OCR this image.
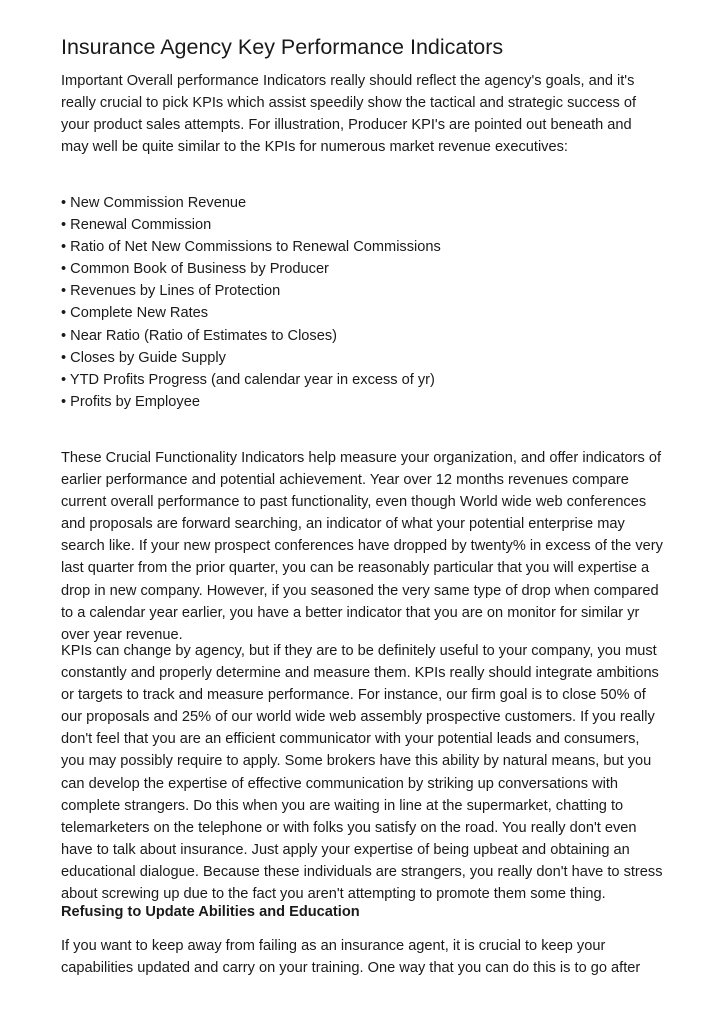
Insurance Agency Key Performance Indicators

Important Overall performance Indicators really should reflect the agency's goals, and it's
really crucial to pick KPIs which assist speedily show the tactical and strategic success of
your product sales attempts. For illustration, Producer KPI's are pointed out beneath and
may well be quite similar to the KPIs for numerous market revenue executives:

• New Commission Revenue
• Renewal Commission
• Ratio of Net New Commissions to Renewal Commissions
• Common Book of Business by Producer
• Revenues by Lines of Protection
• Complete New Rates
• Near Ratio (Ratio of Estimates to Closes)
• Closes by Guide Supply
• YTD Profits Progress (and calendar year in excess of yr)
• Profits by Employee

These Crucial Functionality Indicators help measure your organization, and offer indicators of
earlier performance and potential achievement. Year over 12 months revenues compare
current overall performance to past functionality, even though World wide web conferences
and proposals are forward searching, an indicator of what your potential enterprise may
search like. If your new prospect conferences have dropped by twenty% in excess of the very
last quarter from the prior quarter, you can be reasonably particular that you will expertise a
drop in new company. However, if you seasoned the very same type of drop when compared
to a calendar year earlier, you have a better indicator that you are on monitor for similar yr
over year revenue.

KPIs can change by agency, but if they are to be definitely useful to your company, you must
constantly and properly determine and measure them. KPIs really should integrate ambitions
or targets to track and measure performance. For instance, our firm goal is to close 50% of
our proposals and 25% of our world wide web assembly prospective customers. If you really
don't feel that you are an efficient communicator with your potential leads and consumers,
you may possibly require to apply. Some brokers have this ability by natural means, but you
can develop the expertise of effective communication by striking up conversations with
complete strangers. Do this when you are waiting in line at the supermarket, chatting to
telemarketers on the telephone or with folks you satisfy on the road. You really don't even
have to talk about insurance. Just apply your expertise of being upbeat and obtaining an
educational dialogue. Because these individuals are strangers, you really don't have to stress
about screwing up due to the fact you aren't attempting to promote them some thing.

Refusing to Update Abilities and Education

If you want to keep away from failing as an insurance agent, it is crucial to keep your
capabilities updated and carry on your training. One way that you can do this is to go after
